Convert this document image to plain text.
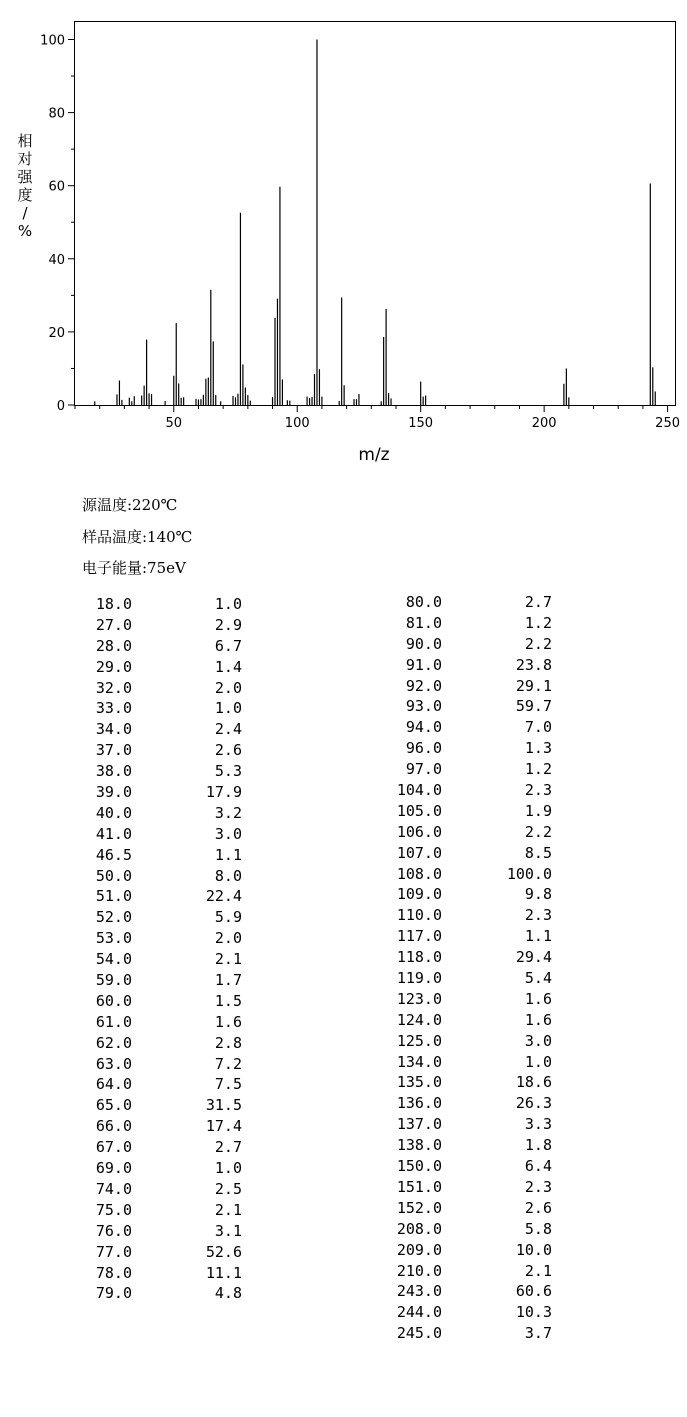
0
20
40
60
80
100
50	100	150	200	250
m/z
相
对
强
度
/
%
源温度:220℃
样品温度:140℃
电子能量:75eV
18.0	1.0
27.0	2.9
28.0	6.7
29.0	1.4
32.0	2.0
33.0	1.0
34.0	2.4
37.0	2.6
38.0	5.3
39.0	17.9
40.0	3.2
41.0	3.0
46.5	1.1
50.0	8.0
51.0	22.4
52.0	5.9
53.0	2.0
54.0	2.1
59.0	1.7
60.0	1.5
61.0	1.6
62.0	2.8
63.0	7.2
64.0	7.5
65.0	31.5
66.0	17.4
67.0	2.7
69.0	1.0
74.0	2.5
75.0	2.1
76.0	3.1
77.0	52.6
78.0	11.1
79.0	4.8
80.0	2.7
81.0	1.2
90.0	2.2
91.0	23.8
92.0	29.1
93.0	59.7
94.0	7.0
96.0	1.3
97.0	1.2
104.0	2.3
105.0	1.9
106.0	2.2
107.0	8.5
108.0	100.0
109.0	9.8
110.0	2.3
117.0	1.1
118.0	29.4
119.0	5.4
123.0	1.6
124.0	1.6
125.0	3.0
134.0	1.0
135.0	18.6
136.0	26.3
137.0	3.3
138.0	1.8
150.0	6.4
151.0	2.3
152.0	2.6
208.0	5.8
209.0	10.0
210.0	2.1
243.0	60.6
244.0	10.3
245.0	3.7
